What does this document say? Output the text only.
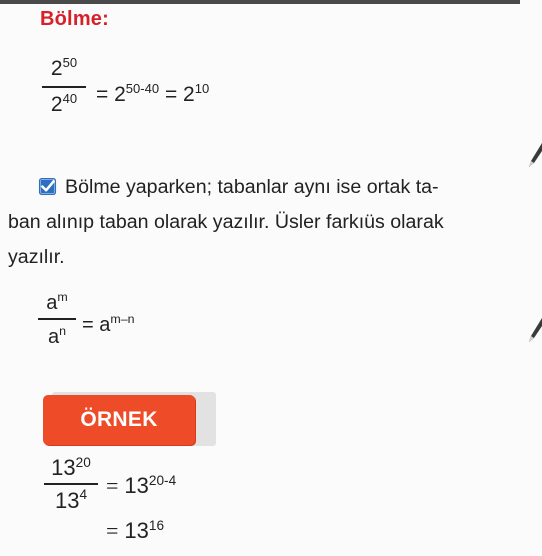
Bölme:
$2^{50}$
$2^{40} = 2^{50-40} = 2^{10}$
Bölme yaparken; tabanlar aynı ise ortak ta-
ban alınıp taban olarak yazılır. Üsler farkıüs olarak
yazılır.
$a^m$
$a^n = a^{m-n}$
ÖRNEK
$13^{20}$
$13^4 = 13^{20-4}$
= $13^{16}$
